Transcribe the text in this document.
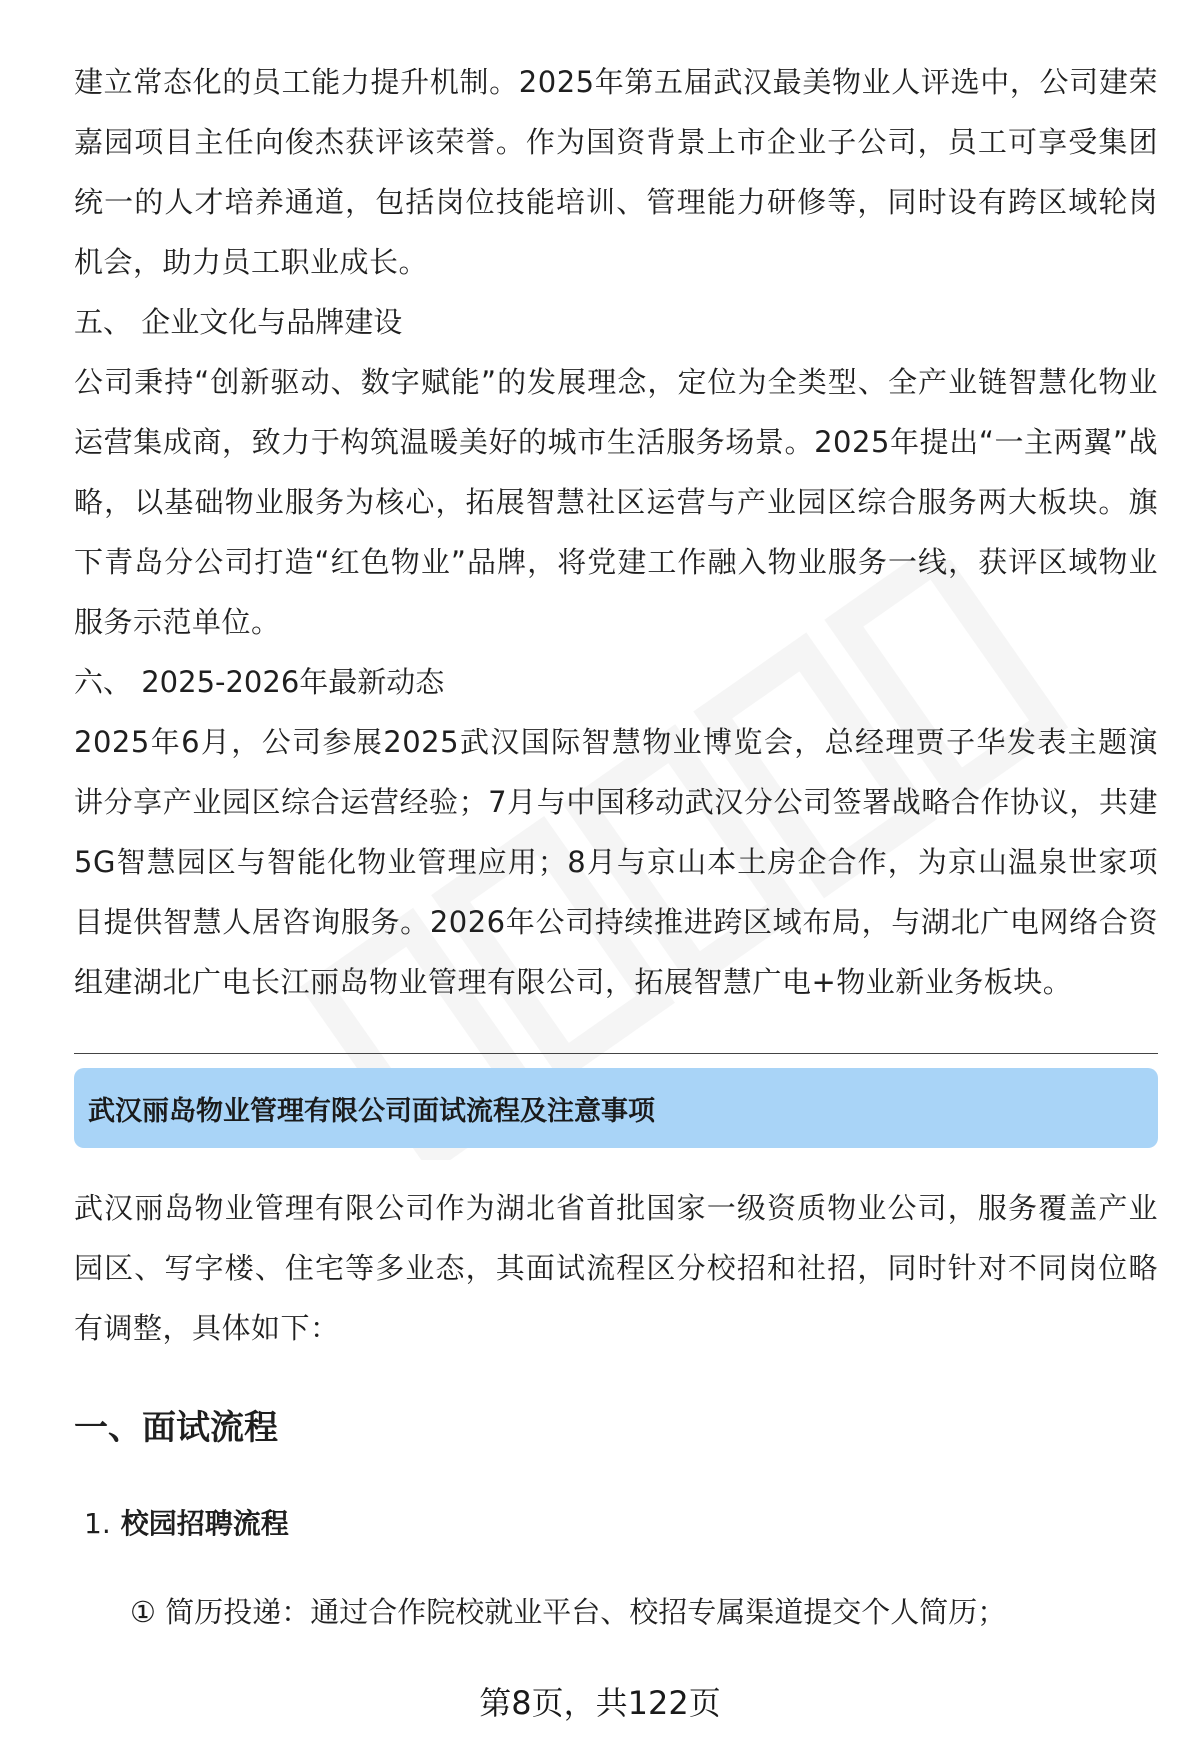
建立常态化的员工能力提升机制。2025年第五届武汉最美物业人评选中，公司建荣嘉园项目主任向俊杰获评该荣誉。作为国资背景上市企业子公司，员工可享受集团统一的人才培养通道，包括岗位技能培训、管理能力研修等，同时设有跨区域轮岗机会，助力员工职业成长。

五、 企业文化与品牌建设

公司秉持“创新驱动、数字赋能”的发展理念，定位为全类型、全产业链智慧化物业运营集成商，致力于构筑温暖美好的城市生活服务场景。2025年提出“一主两翼”战略，以基础物业服务为核心，拓展智慧社区运营与产业园区综合服务两大板块。旗下青岛分公司打造“红色物业”品牌，将党建工作融入物业服务一线，获评区域物业服务示范单位。

六、 2025-2026年最新动态

2025年6月，公司参展2025武汉国际智慧物业博览会，总经理贾子华发表主题演讲分享产业园区综合运营经验；7月与中国移动武汉分公司签署战略合作协议，共建5G智慧园区与智能化物业管理应用；8月与京山本土房企合作，为京山温泉世家项目提供智慧人居咨询服务。2026年公司持续推进跨区域布局，与湖北广电网络合资组建湖北广电长江丽岛物业管理有限公司，拓展智慧广电+物业新业务板块。

武汉丽岛物业管理有限公司面试流程及注意事项

武汉丽岛物业管理有限公司作为湖北省首批国家一级资质物业公司，服务覆盖产业园区、写字楼、住宅等多业态，其面试流程区分校招和社招，同时针对不同岗位略有调整，具体如下：

一、面试流程

1. 校园招聘流程

① 简历投递：通过合作院校就业平台、校招专属渠道提交个人简历；

第8页，共122页
